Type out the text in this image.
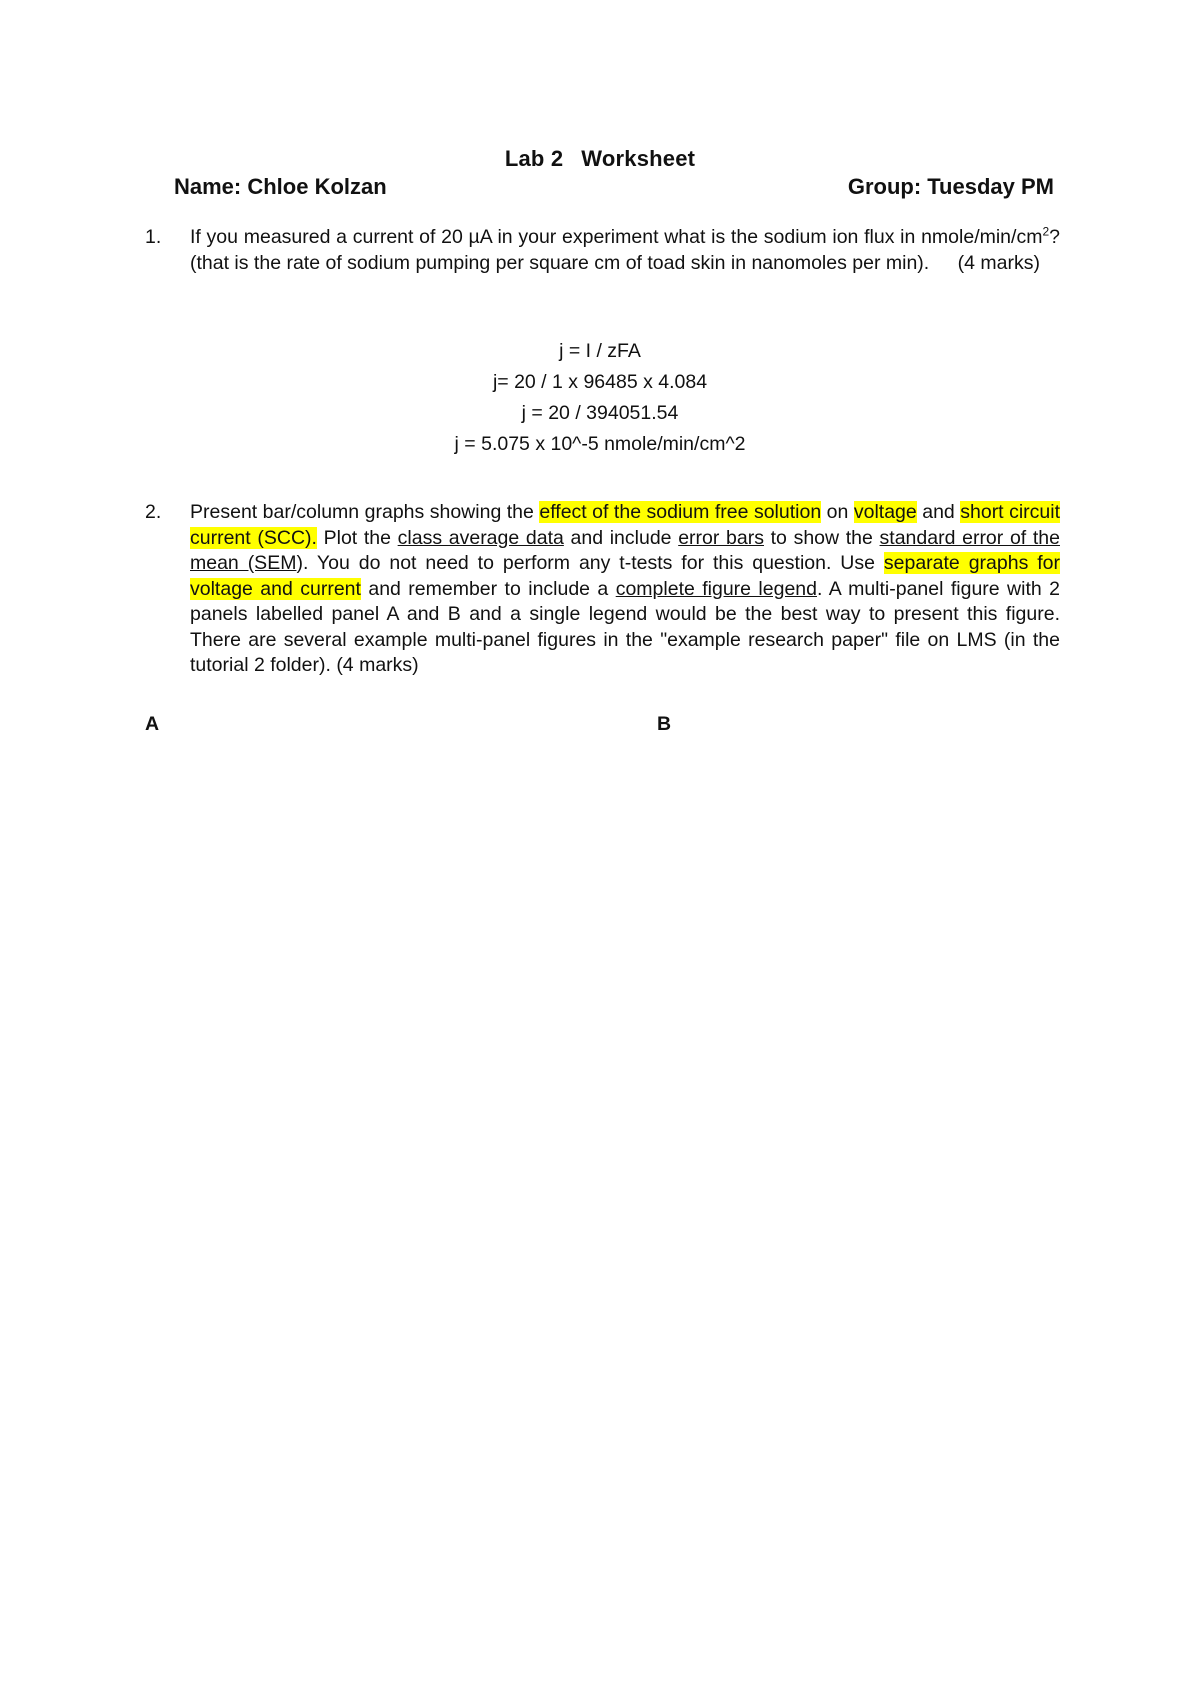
Lab 2 Worksheet
Name: Chloe Kolzan	Group: Tuesday PM
1. If you measured a current of 20 µA in your experiment what is the sodium ion flux in nmole/$\min/cm^2$? (that is the rate of sodium pumping per square cm of toad skin in nanomoles per min). (4 marks)
j = I / zFA
j= 20 / 1 x 96485 x 4.084
j = 20 / 394051.54
j = 5.075 x 10^-5 nmole/min/cm^2
2. Present bar/column graphs showing the effect of the sodium free solution on voltage and short circuit current (SCC). Plot the class average data and include error bars to show the standard error of the mean (SEM). You do not need to perform any t-tests for this question. Use separate graphs for voltage and current and remember to include a complete figure legend. A multi-panel figure with 2 panels labelled panel A and B and a single legend would be the best way to present this figure. There are several example multi-panel figures in the "example research paper" file on LMS (in the tutorial 2 folder). (4 marks)
A	B
